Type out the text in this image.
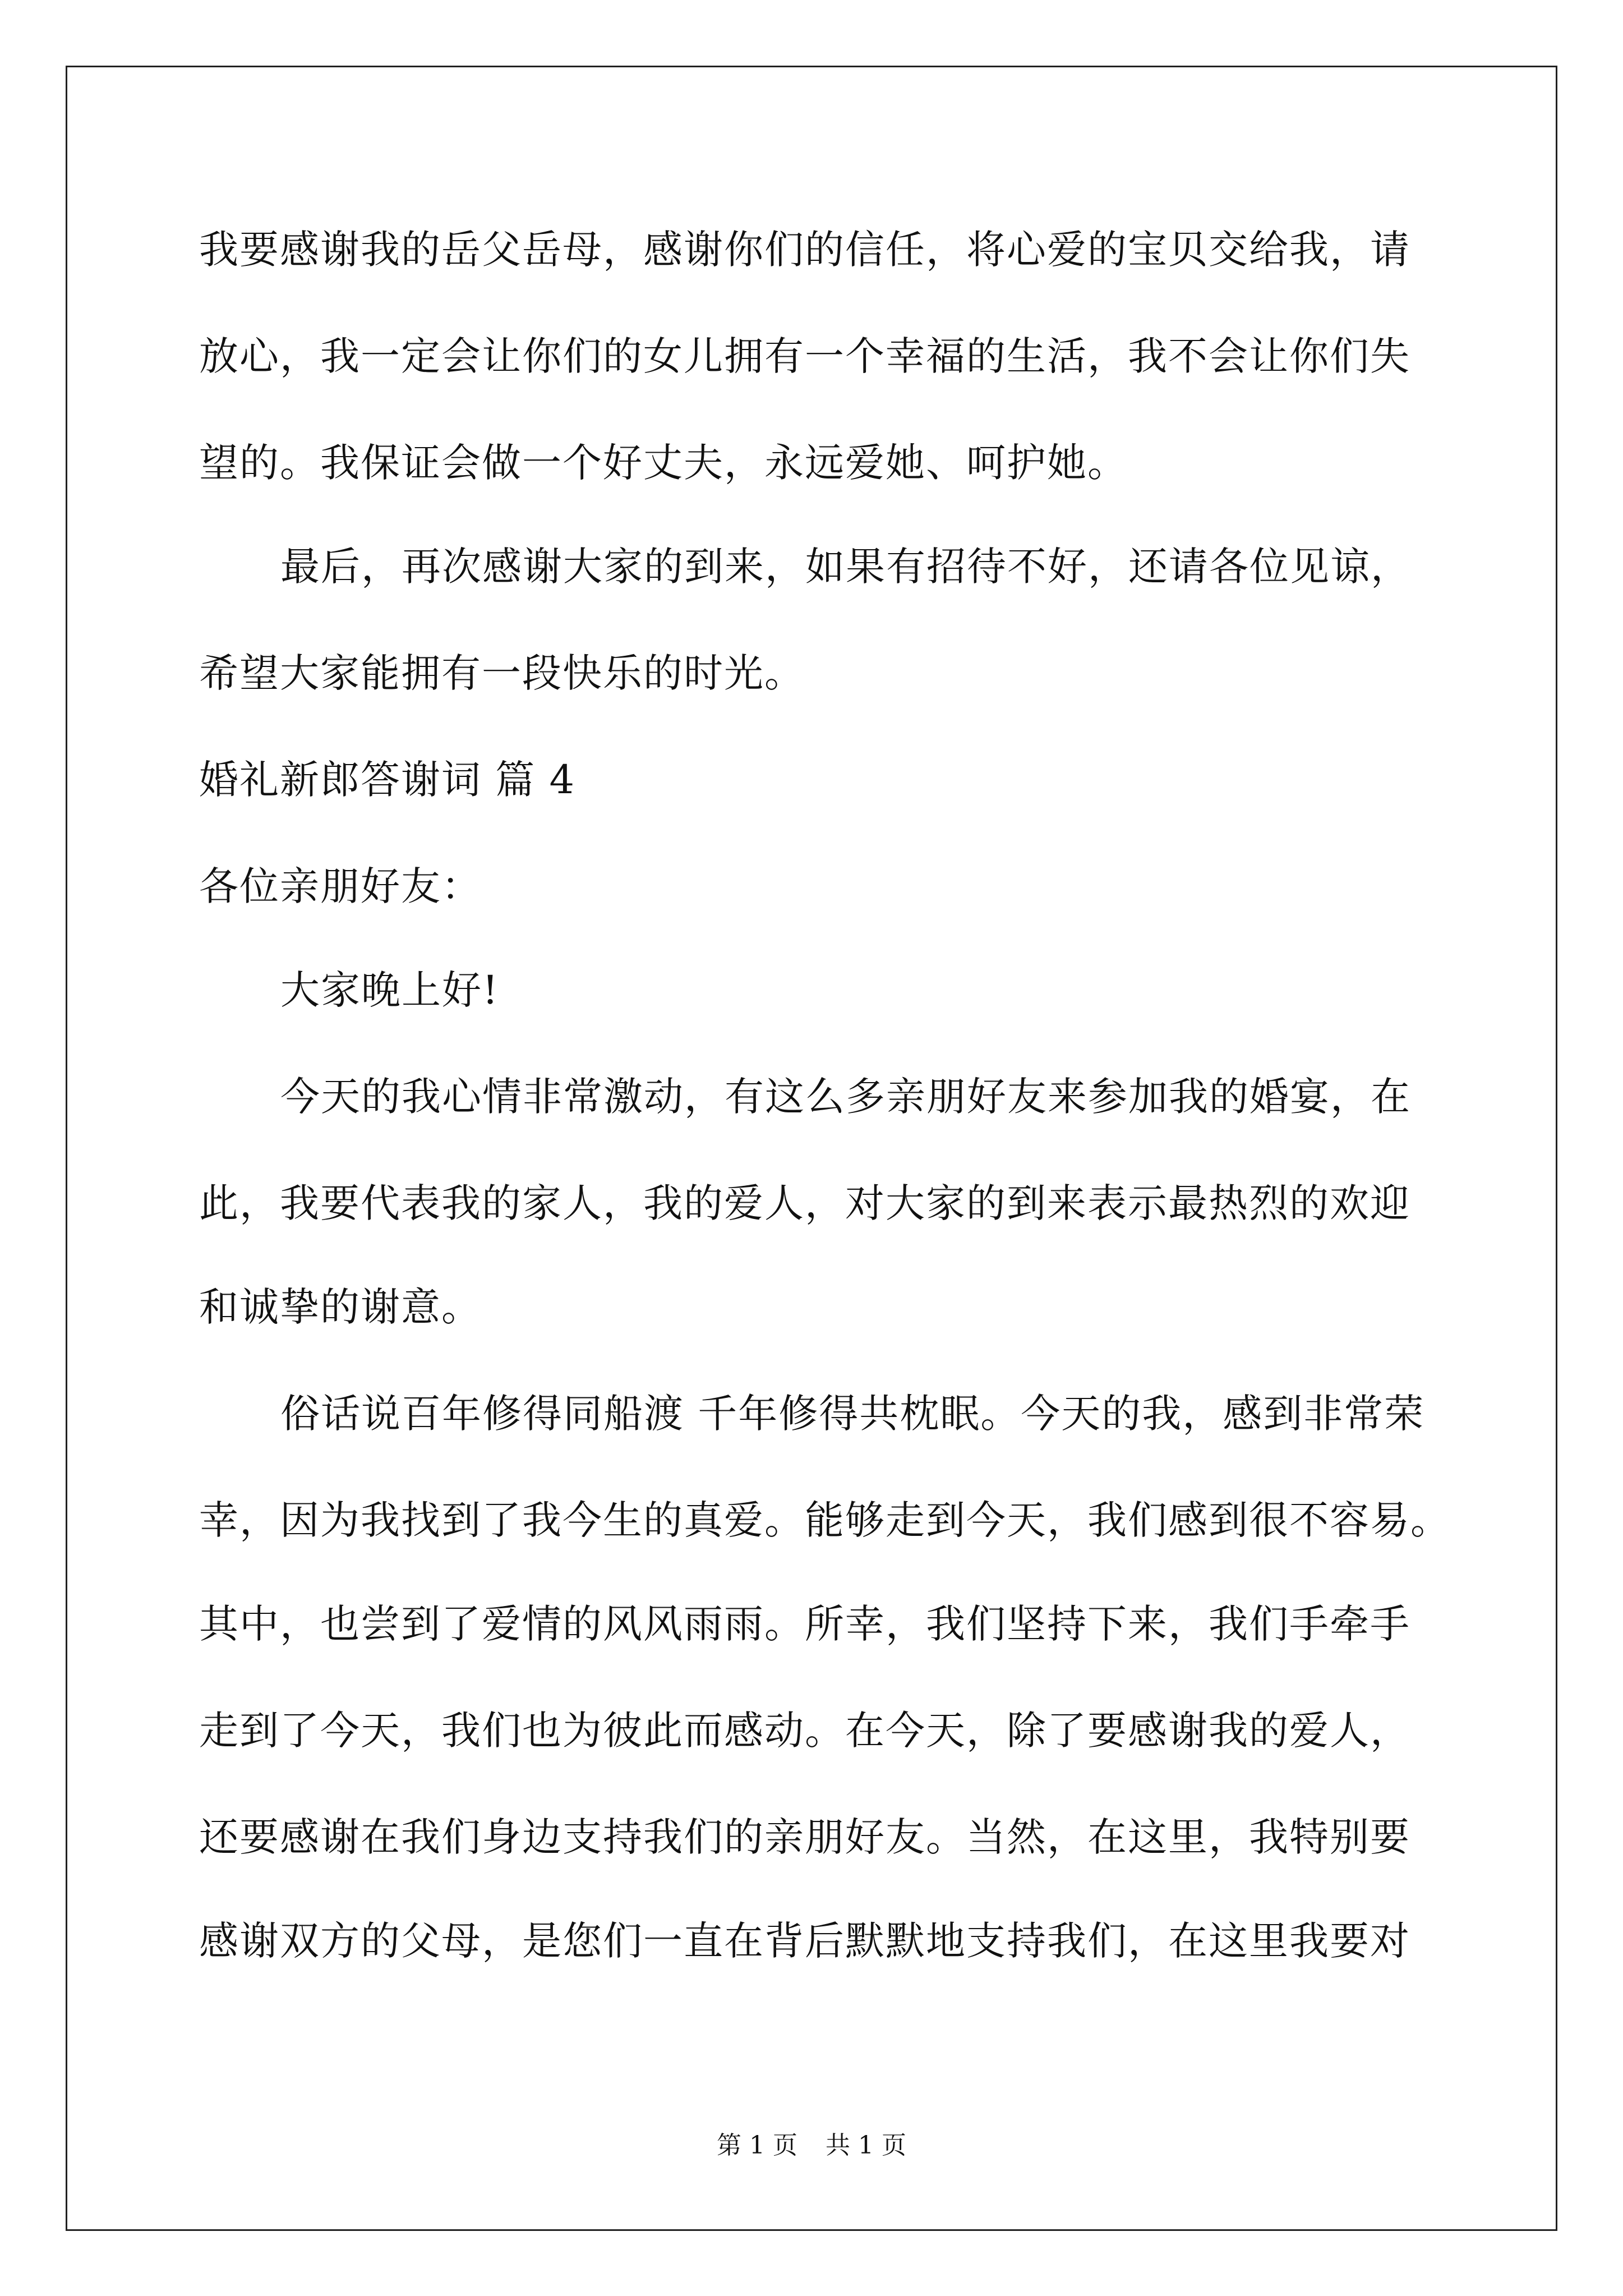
我要感谢我的岳父岳母，感谢你们的信任，将心爱的宝贝交给我，请
放心，我一定会让你们的女儿拥有一个幸福的生活，我不会让你们失
望的。我保证会做一个好丈夫，永远爱她、呵护她。
最后，再次感谢大家的到来，如果有招待不好，还请各位见谅，
希望大家能拥有一段快乐的时光。
婚礼新郎答谢词 篇 4
各位亲朋好友：
大家晚上好!
今天的我心情非常激动，有这么多亲朋好友来参加我的婚宴，在
此，我要代表我的家人，我的爱人，对大家的到来表示最热烈的欢迎
和诚挚的谢意。
俗话说百年修得同船渡 千年修得共枕眠。今天的我，感到非常荣
幸，因为我找到了我今生的真爱。能够走到今天，我们感到很不容易。
其中，也尝到了爱情的风风雨雨。所幸，我们坚持下来，我们手牵手
走到了今天，我们也为彼此而感动。在今天，除了要感谢我的爱人，
还要感谢在我们身边支持我们的亲朋好友。当然，在这里，我特别要
感谢双方的父母，是您们一直在背后默默地支持我们，在这里我要对
第 1 页 共 1 页
